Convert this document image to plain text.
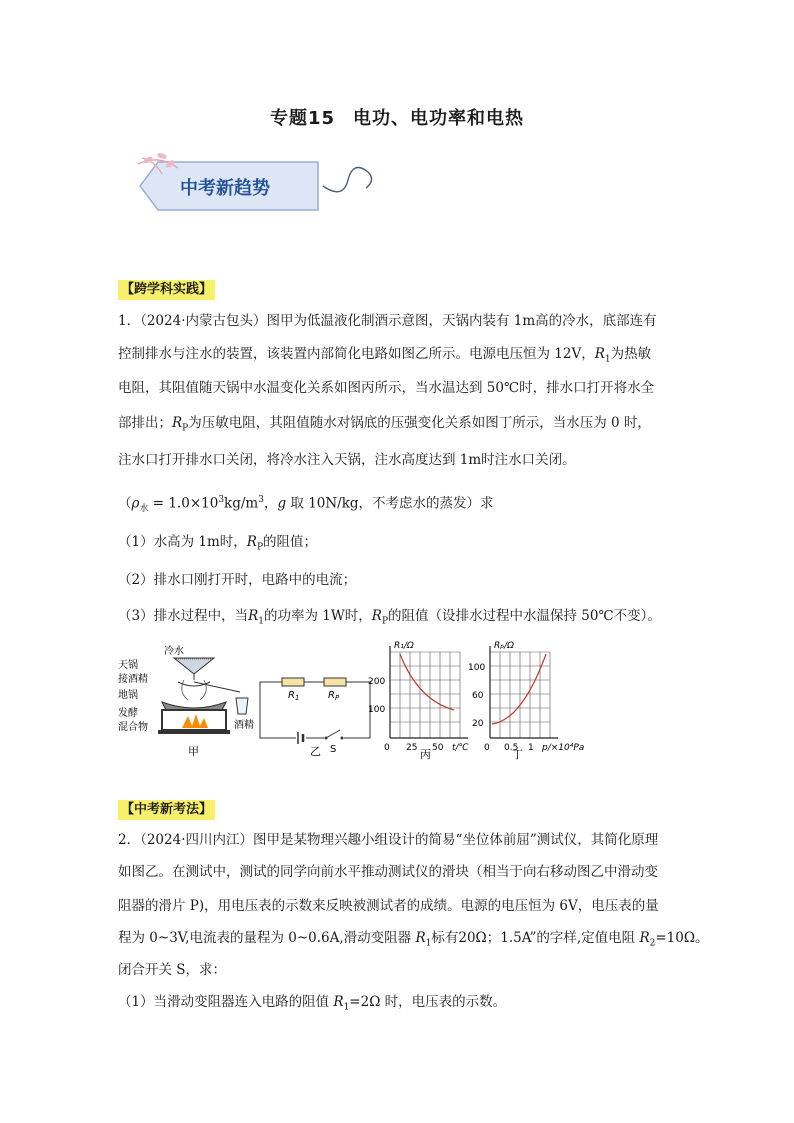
专题15 电功、电功率和电热
中考新趋势
【跨学科实践】
1．（2024·内蒙古包头）图甲为低温液化制酒示意图，天锅内装有 1m高的冷水，底部连有
控制排水与注水的装置，该装置内部简化电路如图乙所示。电源电压恒为 12V，$R_1$为热敏
电阻，其阻值随天锅中水温变化关系如图丙所示，当水温达到 50℃时，排水口打开将水全
部排出；$R_P$为压敏电阻，其阻值随水对锅底的压强变化关系如图丁所示，当水压为 0 时，
注水口打开排水口关闭，将冷水注入天锅，注水高度达到 1m时注水口关闭。
（$\rho_水 = 1.0\times 10^3kg/m^3$，g 取 10N/kg，不考虑水的蒸发）求
（1）水高为 1m时，$R_P$的阻值；
（2）排水口刚打开时，电路中的电流；
（3）排水过程中，当$R_1$的功率为 1W时，$R_P$的阻值（设排水过程中水温保持 50℃不变）。
冷水
天锅
接酒精
地锅
发酵
混合物	酒精
甲
$R_1$	$R_P$
S
乙
R₁/Ω
200
100
0 25 50 t/℃
丙
Rₚ/Ω
100
60
20
0 0.5 1 p/×10⁴Pa
丁
【中考新考法】
2．（2024·四川内江）图甲是某物理兴趣小组设计的简易“坐位体前屈”测试仪，其简化原理
如图乙。在测试中，测试的同学向前水平推动测试仪的滑块（相当于向右移动图乙中滑动变
阻器的滑片 P)，用电压表的示数来反映被测试者的成绩。电源的电压恒为 6V，电压表的量
程为 0~3V,电流表的量程为 0~0.6A,滑动变阻器 $R_1$标有20Ω；1.5A”的字样,定值电阻 $R_2=10\Omega$。
闭合开关 S，求：
（1）当滑动变阻器连入电路的阻值 $R_1=2\Omega$ 时，电压表的示数。
